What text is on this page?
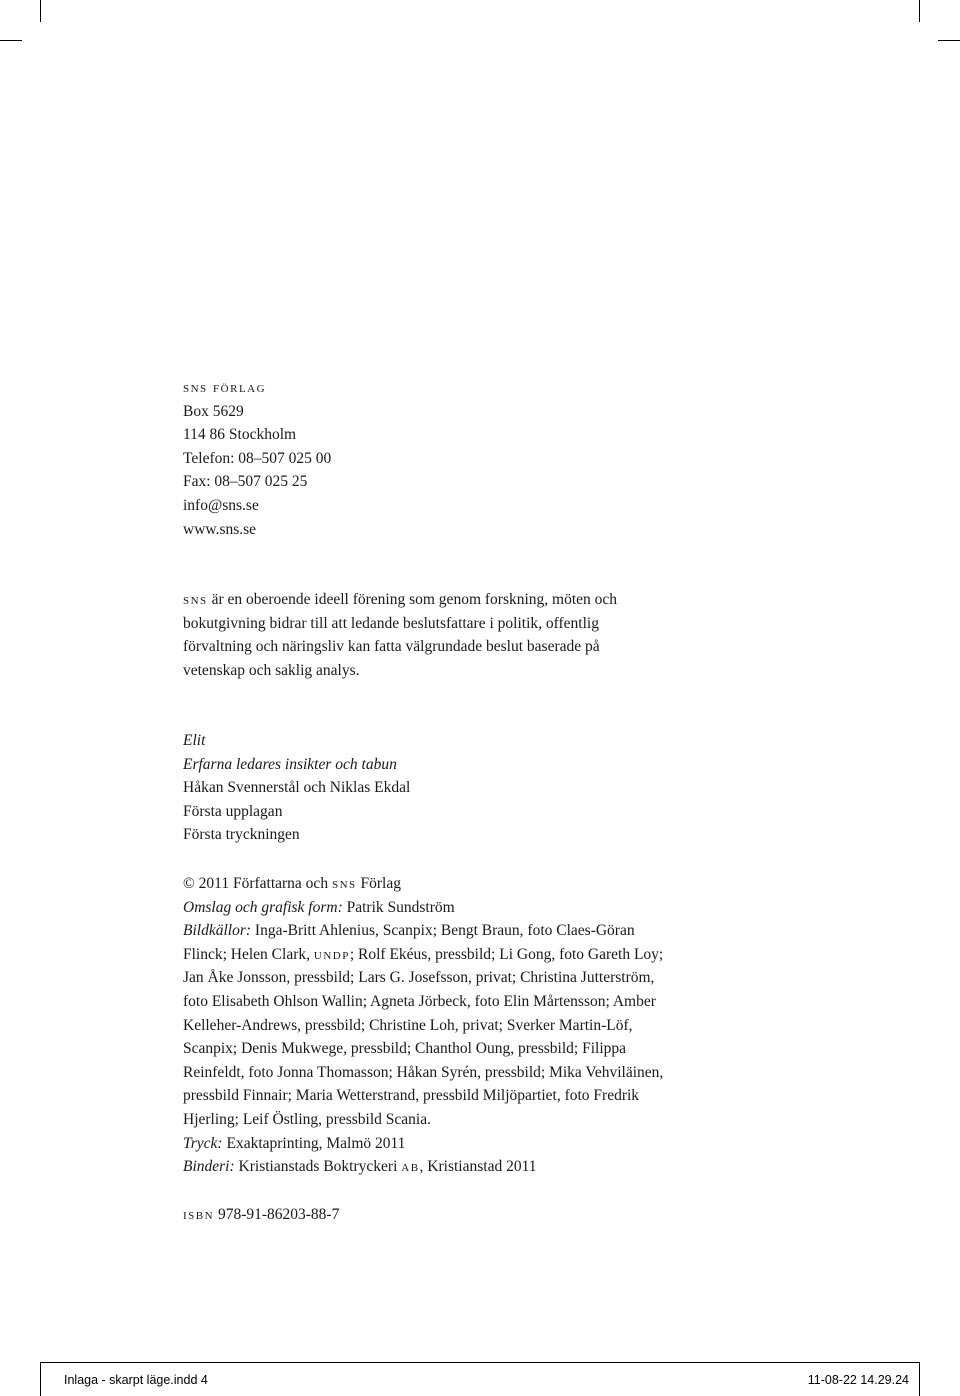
sns förlag
Box 5629
114 86 Stockholm
Telefon: 08–507 025 00
Fax: 08–507 025 25
info@sns.se
www.sns.se
sns är en oberoende ideell förening som genom forskning, möten och
bokutgivning bidrar till att ledande beslutsfattare i politik, offentlig
förvaltning och näringsliv kan fatta välgrundade beslut baserade på
vetenskap och saklig analys.
Elit
Erfarna ledares insikter och tabun
Håkan Svennerstål och Niklas Ekdal
Första upplagan
Första tryckningen
© 2011 Författarna och sns Förlag
Omslag och grafisk form: Patrik Sundström
Bildkällor: Inga-Britt Ahlenius, Scanpix; Bengt Braun, foto Claes-Göran
Flinck; Helen Clark, undp; Rolf Ekéus, pressbild; Li Gong, foto Gareth Loy;
Jan Åke Jonsson, pressbild; Lars G. Josefsson, privat; Christina Jutterström,
foto Elisabeth Ohlson Wallin; Agneta Jörbeck, foto Elin Mårtensson; Amber
Kelleher-Andrews, pressbild; Christine Loh, privat; Sverker Martin-Löf,
Scanpix; Denis Mukwege, pressbild; Chanthol Oung, pressbild; Filippa
Reinfeldt, foto Jonna Thomasson; Håkan Syrén, pressbild; Mika Vehviläinen,
pressbild Finnair; Maria Wetterstrand, pressbild Miljöpartiet, foto Fredrik
Hjerling; Leif Östling, pressbild Scania.
Tryck: Exaktaprinting, Malmö 2011
Binderi: Kristianstads Boktryckeri ab, Kristianstad 2011
isbn 978-91-86203-88-7
Inlaga - skarpt läge.indd 4	11-08-22 14.29.24
